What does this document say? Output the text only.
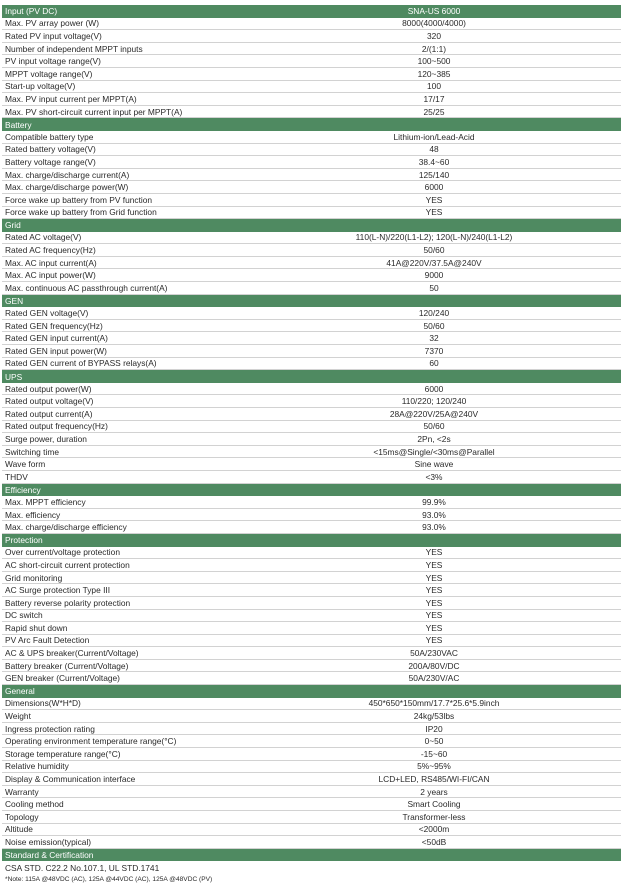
Input (PV DC)	SNA-US 6000
Max. PV array power (W)	8000(4000/4000)
Rated PV input voltage(V)	320
Number of independent MPPT inputs	2/(1:1)
PV input voltage range(V)	100~500
MPPT voltage range(V)	120~385
Start-up voltage(V)	100
Max. PV input current per MPPT(A)	17/17
Max. PV short-circuit current input per MPPT(A)	25/25
Battery
Compatible battery type	Lithium-ion/Lead-Acid
Rated battery voltage(V)	48
Battery voltage range(V)	38.4~60
Max. charge/discharge current(A)	125/140
Max. charge/discharge power(W)	6000
Force wake up battery from PV function	YES
Force wake up battery from Grid function	YES
Grid
Rated AC voltage(V)	110(L-N)/220(L1-L2); 120(L-N)/240(L1-L2)
Rated AC frequency(Hz)	50/60
Max. AC input current(A)	41A@220V/37.5A@240V
Max. AC input power(W)	9000
Max. continuous AC passthrough current(A)	50
GEN
Rated GEN voltage(V)	120/240
Rated GEN frequency(Hz)	50/60
Rated GEN input current(A)	32
Rated GEN input power(W)	7370
Rated GEN current of BYPASS relays(A)	60
UPS
Rated output power(W)	6000
Rated output voltage(V)	110/220; 120/240
Rated output current(A)	28A@220V/25A@240V
Rated output frequency(Hz)	50/60
Surge power, duration	2Pn, <2s
Switching time	<15ms@Single/<30ms@Parallel
Wave form	Sine wave
THDV	<3%
Efficiency
Max. MPPT efficiency	99.9%
Max. efficiency	93.0%
Max. charge/discharge efficiency	93.0%
Protection
Over current/voltage protection	YES
AC short-circuit current protection	YES
Grid monitoring	YES
AC Surge protection Type III	YES
Battery reverse polarity protection	YES
DC switch	YES
Rapid shut down	YES
PV Arc Fault Detection	YES
AC & UPS breaker(Current/Voltage)	50A/230VAC
Battery breaker (Current/Voltage)	200A/80V/DC
GEN breaker (Current/Voltage)	50A/230V/AC
General
Dimensions(W*H*D)	450*650*150mm/17.7*25.6*5.9inch
Weight	24kg/53lbs
Ingress protection rating	IP20
Operating environment temperature range(°C)	0~50
Storage temperature range(°C)	-15~60
Relative humidity	5%~95%
Display & Communication interface	LCD+LED, RS485/WI-FI/CAN
Warranty	2 years
Cooling method	Smart Cooling
Topology	Transformer-less
Altitude	<2000m
Noise emission(typical)	<50dB
Standard & Certification
CSA STD. C22.2 No.107.1, UL STD.1741
*Note: 115A @48VDC (AC), 125A @44VDC (AC), 125A @48VDC (PV)
